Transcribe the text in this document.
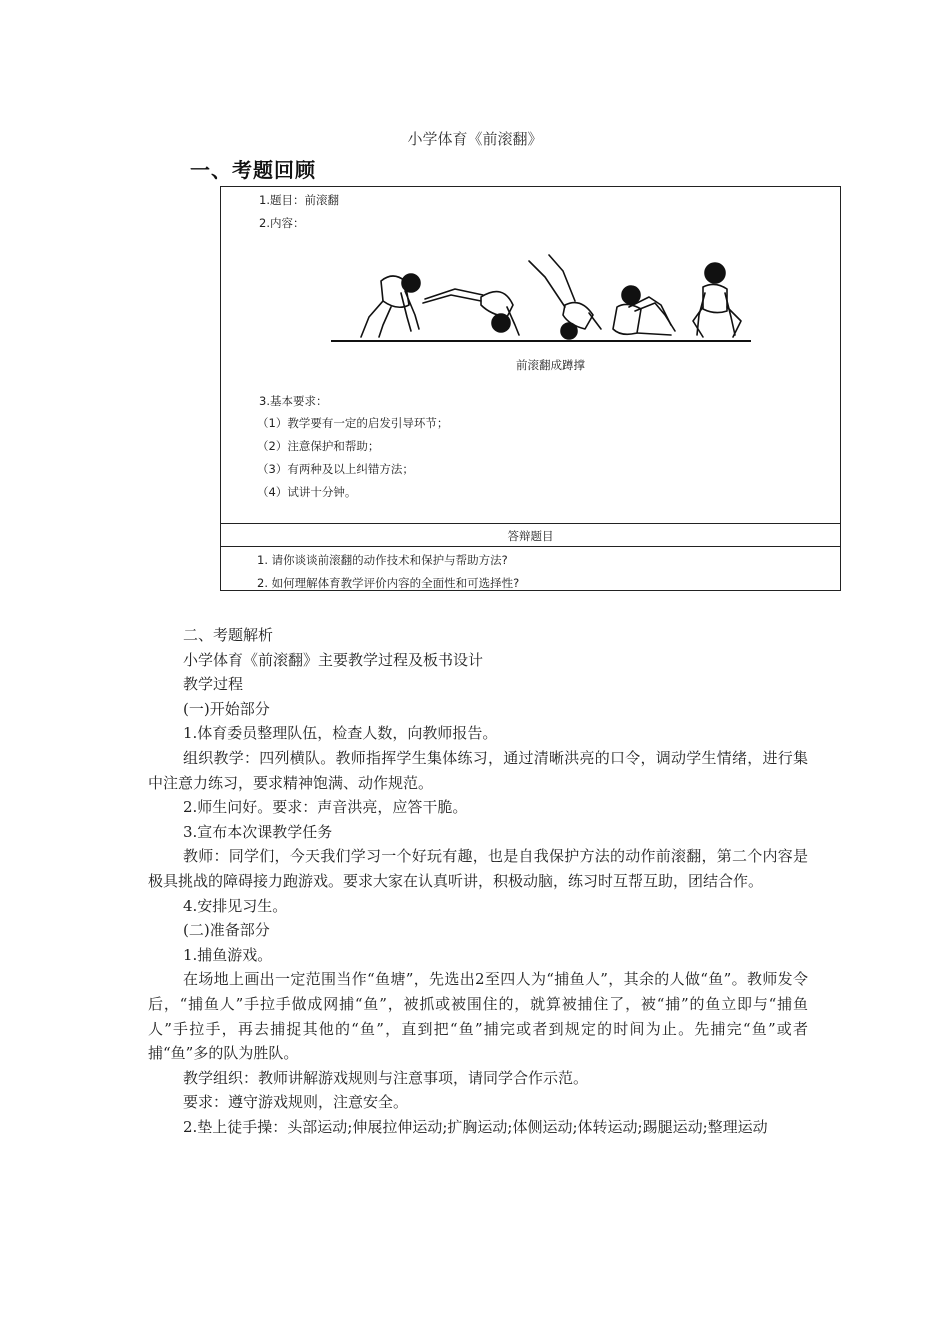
小学体育《前滚翻》
一、考题回顾
1.题目：前滚翻
2.内容：
前滚翻成蹲撑
3.基本要求：
（1）教学要有一定的启发引导环节；
（2）注意保护和帮助；
（3）有两种及以上纠错方法；
（4）试讲十分钟。
答辩题目
1. 请你谈谈前滚翻的动作技术和保护与帮助方法?
2. 如何理解体育教学评价内容的全面性和可选择性?

二、考题解析

小学体育《前滚翻》主要教学过程及板书设计

教学过程

(一)开始部分

1.体育委员整理队伍，检查人数，向教师报告。

组织教学：四列横队。教师指挥学生集体练习，通过清晰洪亮的口令，调动学生情绪，进行集中注意力练习，要求精神饱满、动作规范。

2.师生问好。要求：声音洪亮，应答干脆。

3.宣布本次课教学任务

教师：同学们，今天我们学习一个好玩有趣，也是自我保护方法的动作前滚翻，第二个内容是极具挑战的障碍接力跑游戏。要求大家在认真听讲，积极动脑，练习时互帮互助，团结合作。

4.安排见习生。

(二)准备部分

1.捕鱼游戏。

在场地上画出一定范围当作“鱼塘”，先选出2至四人为“捕鱼人”，其余的人做“鱼”。教师发令后，“捕鱼人”手拉手做成网捕“鱼”，被抓或被围住的，就算被捕住了，被“捕”的鱼立即与“捕鱼人”手拉手，再去捕捉其他的“鱼”，直到把“鱼”捕完或者到规定的时间为止。先捕完“鱼”或者捕“鱼”多的队为胜队。

教学组织：教师讲解游戏规则与注意事项，请同学合作示范。

要求：遵守游戏规则，注意安全。

2.垫上徒手操：头部运动;伸展拉伸运动;扩胸运动;体侧运动;体转运动;踢腿运动;整理运动
